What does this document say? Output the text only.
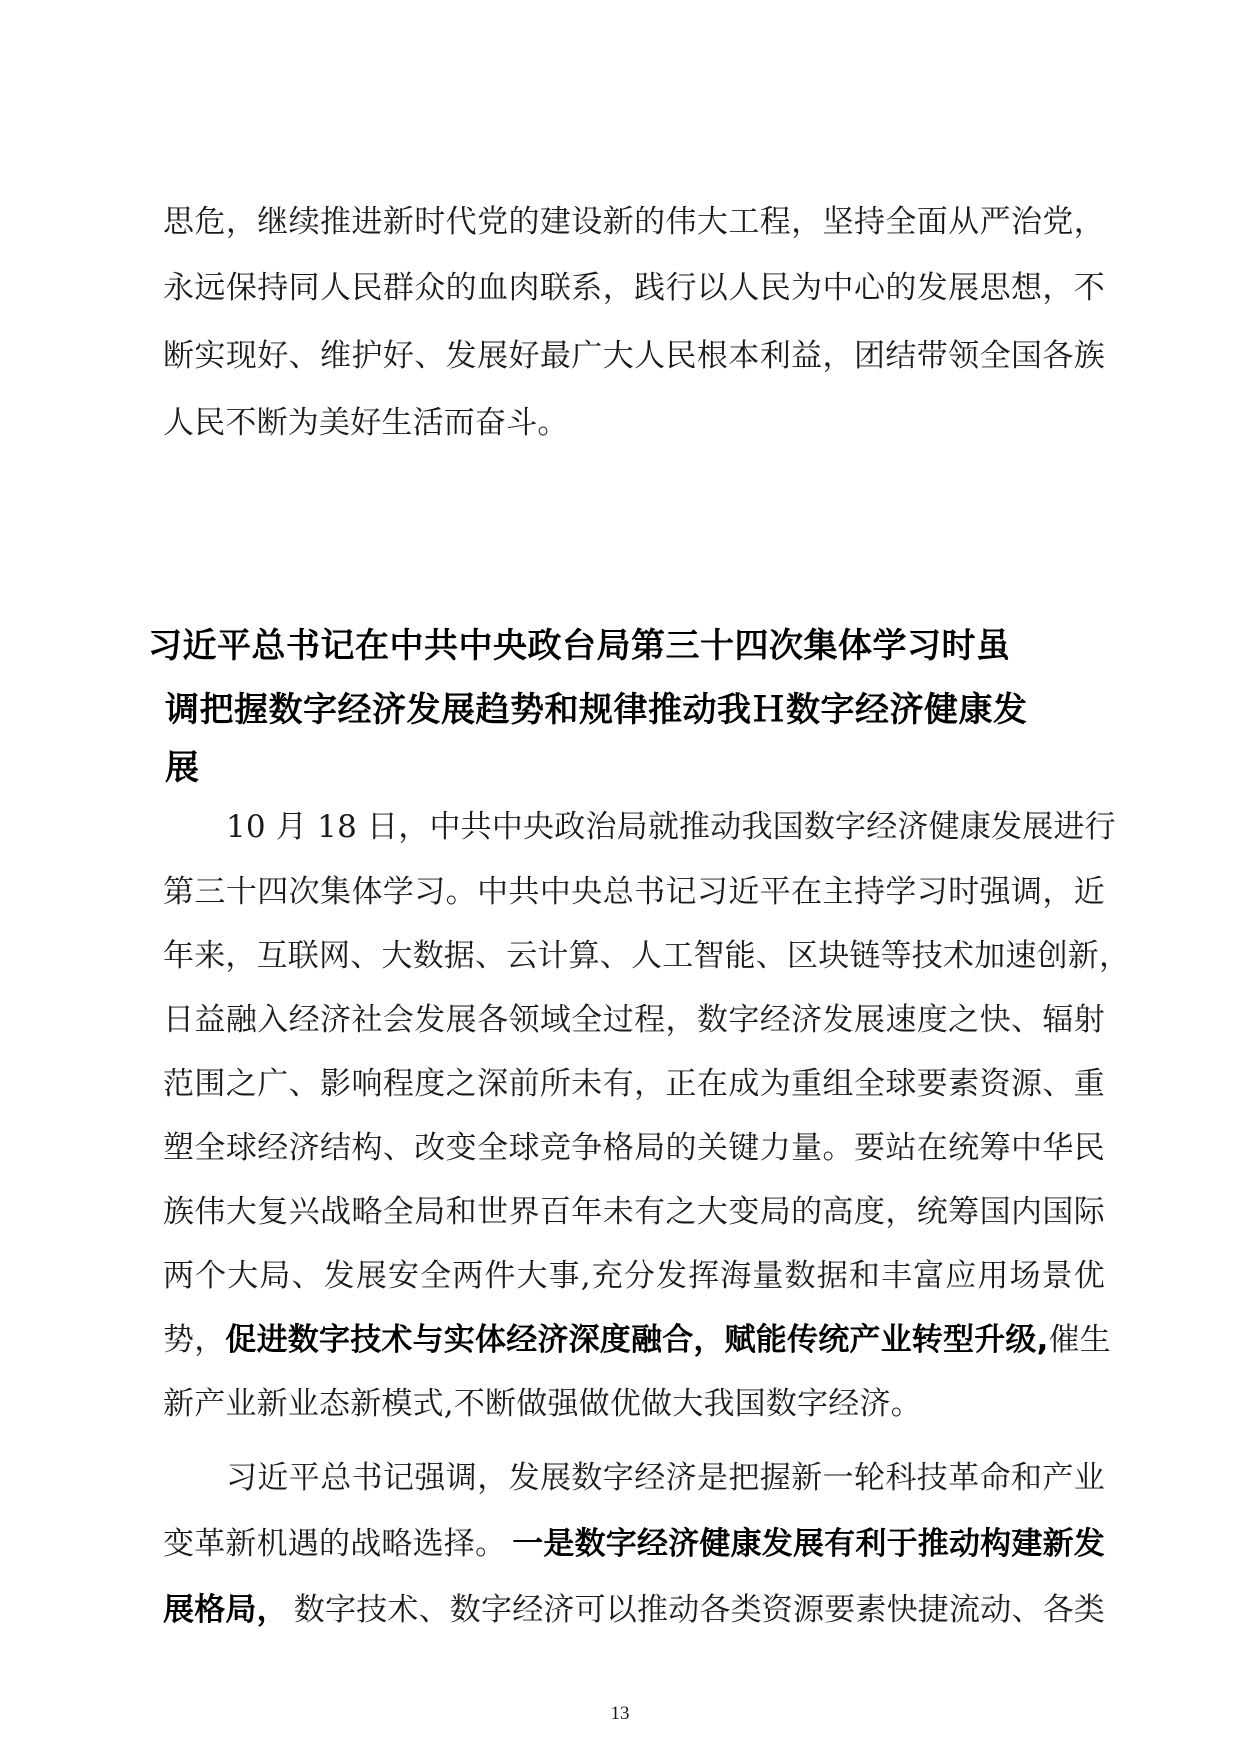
思危，继续推进新时代党的建设新的伟大工程，坚持全面从严治党，
永远保持同人民群众的血肉联系，践行以人民为中心的发展思想，不
断实现好、维护好、发展好最广大人民根本利益，团结带领全国各族
人民不断为美好生活而奋斗。
习近平总书记在中共中央政台局第三十四次集体学习时虽
调把握数字经济发展趋势和规律推动我Ｈ数字经济健康发
展
10 月 18 日，中共中央政治局就推动我国数字经济健康发展进行
第三十四次集体学习。中共中央总书记习近平在主持学习时强调，近
年来，互联网、大数据、云计算、人工智能、区块链等技术加速创新，
日益融入经济社会发展各领域全过程，数字经济发展速度之快、辐射
范围之广、影响程度之深前所未有，正在成为重组全球要素资源、重
塑全球经济结构、改变全球竞争格局的关键力量。要站在统筹中华民
族伟大复兴战略全局和世界百年未有之大变局的高度，统筹国内国际
两个大局、发展安全两件大事,充分发挥海量数据和丰富应用场景优
势， 促进数字技术与实体经济深度融合，赋能传统产业转型升级, 催生
新产业新业态新模式,不断做强做优做大我国数字经济。
习近平总书记强调，发展数字经济是把握新一轮科技革命和产业
变革新机遇的战略选择。 一是数字经济健康发展有利于推动构建新发
展格局， 数字技术、数字经济可以推动各类资源要素快捷流动、各类
13
